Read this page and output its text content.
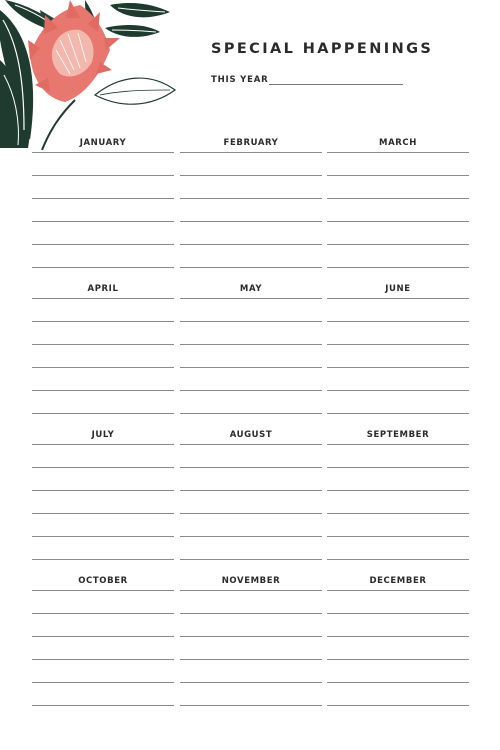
SPECIAL HAPPENINGS
THIS YEAR
JANUARY	FEBRUARY	MARCH
APRIL	MAY	JUNE
JULY	AUGUST	SEPTEMBER
OCTOBER	NOVEMBER	DECEMBER
